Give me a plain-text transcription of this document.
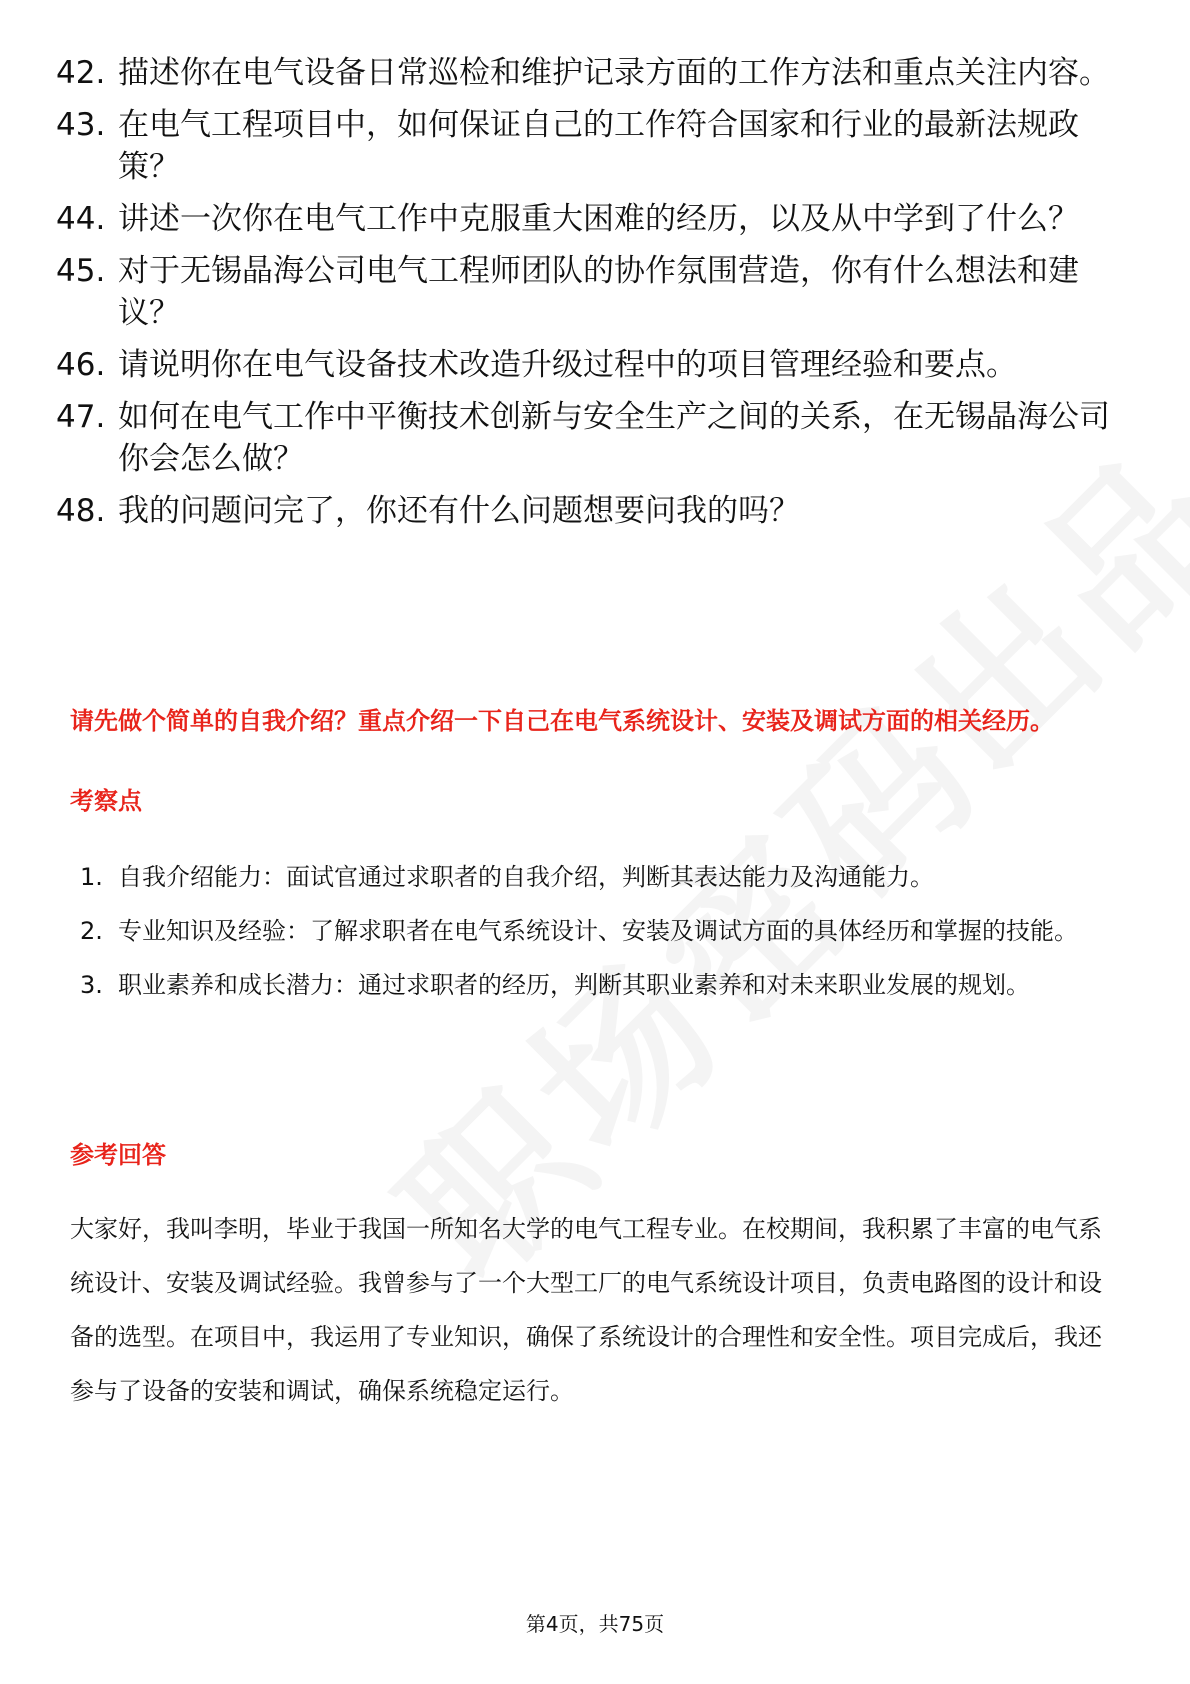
42. 描述你在电气设备日常巡检和维护记录方面的工作方法和重点关注内容。
43. 在电气工程项目中，如何保证自己的工作符合国家和行业的最新法规政策？
44. 讲述一次你在电气工作中克服重大困难的经历，以及从中学到了什么？
45. 对于无锡晶海公司电气工程师团队的协作氛围营造，你有什么想法和建议？
46. 请说明你在电气设备技术改造升级过程中的项目管理经验和要点。
47. 如何在电气工作中平衡技术创新与安全生产之间的关系，在无锡晶海公司你会怎么做？
48. 我的问题问完了，你还有什么问题想要问我的吗？
请先做个简单的自我介绍？重点介绍一下自己在电气系统设计、安装及调试方面的相关经历。
考察点
1. 自我介绍能力：面试官通过求职者的自我介绍，判断其表达能力及沟通能力。
2. 专业知识及经验：了解求职者在电气系统设计、安装及调试方面的具体经历和掌握的技能。
3. 职业素养和成长潜力：通过求职者的经历，判断其职业素养和对未来职业发展的规划。
参考回答

大家好，我叫李明，毕业于我国一所知名大学的电气工程专业。在校期间，我积累了丰富的电气系统设计、安装及调试经验。我曾参与了一个大型工厂的电气系统设计项目，负责电路图的设计和设备的选型。在项目中，我运用了专业知识，确保了系统设计的合理性和安全性。项目完成后，我还参与了设备的安装和调试，确保系统稳定运行。

第4页，共75页
